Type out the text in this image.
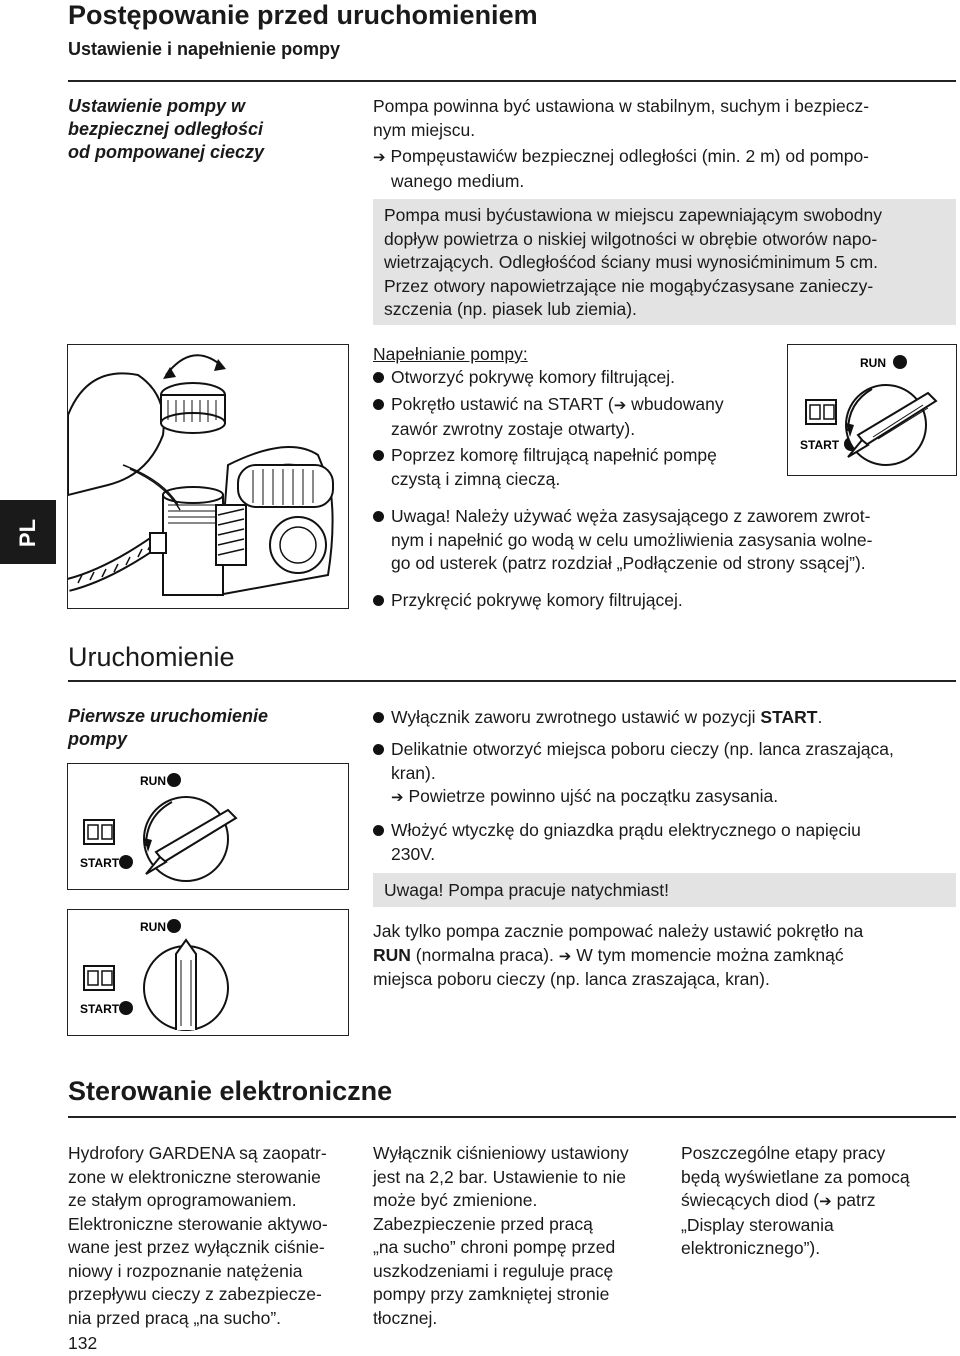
Postępowanie przed uruchomieniem
Ustawienie i napełnienie pompy
Ustawienie pompy w
bezpiecznej odległości
od pompowanej cieczy
Pompa powinna być ustawiona w stabilnym, suchym i bezpiecz-
nym miejscu.
➔ Pompęustawićw bezpiecznej odległości (min. 2 m) od pompo-
wanego medium.
Pompa musi byćustawiona w miejscu zapewniającym swobodny
dopływ powietrza o niskiej wilgotności w obrębie otworów napo-
wietrzających. Odległośćod ściany musi wynosićminimum 5 cm.
Przez otwory napowietrzające nie mogąbyćzasysane zanieczy-
szczenia (np. piasek lub ziemia).
Napełnianie pompy:
Otworzyć pokrywę komory filtrującej.
Pokrętło ustawić na START (➔ wbudowany
zawór zwrotny zostaje otwarty).
Poprzez komorę filtrującą napełnić pompę
czystą i zimną cieczą.
RUN
START
PL
Uwaga! Należy używać węża zasysającego z zaworem zwrot-
nym i napełnić go wodą w celu umożliwienia zasysania wolne-
go od usterek (patrz rozdział „Podłączenie od strony ssącej”).
Przykręcić pokrywę komory filtrującej.
Uruchomienie
Pierwsze uruchomienie
pompy
RUN
START
RUN
START
Wyłącznik zaworu zwrotnego ustawić w pozycji START.
Delikatnie otworzyć miejsca poboru cieczy (np. lanca zraszająca,
kran).
➔ Powietrze powinno ujść na początku zasysania.
Włożyć wtyczkę do gniazdka prądu elektrycznego o napięciu
230V.
Uwaga! Pompa pracuje natychmiast!
Jak tylko pompa zacznie pompować należy ustawić pokrętło na
RUN (normalna praca). ➔ W tym momencie można zamknąć
miejsca poboru cieczy (np. lanca zraszająca, kran).
Sterowanie elektroniczne
Hydrofory GARDENA są zaopatr-
zone w elektroniczne sterowanie
ze stałym oprogramowaniem.
Elektroniczne sterowanie aktywo-
wane jest przez wyłącznik ciśnie-
niowy i rozpoznanie natężenia
przepływu cieczy z zabezpiecze-
nia przed pracą „na sucho”.
Wyłącznik ciśnieniowy ustawiony
jest na 2,2 bar. Ustawienie to nie
może być zmienione.
Zabezpieczenie przed pracą
„na sucho” chroni pompę przed
uszkodzeniami i reguluje pracę
pompy przy zamkniętej stronie
tłocznej.
Poszczególne etapy pracy
będą wyświetlane za pomocą
świecących diod (➔ patrz
„Display sterowania
elektronicznego”).
132
